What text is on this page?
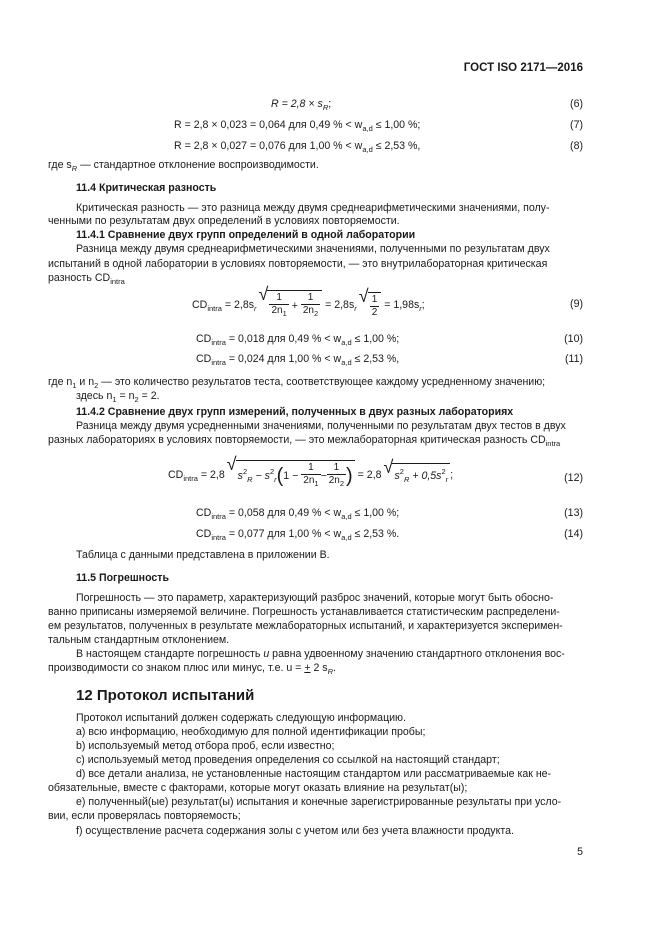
ГОСТ ISO 2171—2016
$R = 2,8 \times s_R$;	(6)
R = 2,8 × 0,023 = 0,064 для 0,49 % < $w_{a,d} \le 1,00$ %;	(7)
R = 2,8 × 0,027 = 0,076 для 1,00 % < $w_{a,d} \le 2,53$ %,	(8)
где $s_R$ — стандартное отклонение воспроизводимости.
11.4 Критическая разность
Критическая разность — это разница между двумя среднеарифметическими значениями, полу-
ченными по результатам двух определений в условиях повторяемости.
11.4.1 Сравнение двух групп определений в одной лаборатории
Разница между двумя среднеарифметическими значениями, полученными по результатам двух
испытаний в одной лаборатории в условиях повторяемости, — это внутрилабораторная критическая
разность $CD_{intra}$
$CD_{intra} = 2,8s_r$ √ $\frac{1}{2n_1} + \frac{1}{2n_2} = 2,8s_r$ √ $\frac{1}{2} = 1,98s_r$;	(9)
$CD_{intra} = 0,018$ для 0,49 % < $w_{a,d} \le 1,00$ %;	(10)
$CD_{intra} = 0,024$ для 1,00 % < $w_{a,d} \le 2,53$ %,	(11)
где $n_1$ и $n_2$ — это количество результатов теста, соответствующее каждому усредненному значению;
здесь $n_1 = n_2 = 2$.
11.4.2 Сравнение двух групп измерений, полученных в двух разных лабораториях
Разница между двумя усредненными значениями, полученными по результатам двух тестов в двух
разных лабораториях в условиях повторяемости, — это межлабораторная критическая разность $CD_{intra}$
$CD_{intra} = 2,8$ √ $s^2_R - s^2_r(1 - \frac{1}{2n_1} - \frac{1}{2n_2}$ ) = 2,8 √ $s^2_R + 0,5s^2_r$ ;	(12)
$CD_{intra} = 0,058$ для 0,49 % < $w_{a,d} \le 1,00$ %;	(13)
$CD_{intra} = 0,077$ для 1,00 % < $w_{a,d} \le 2,53$ %.	(14)
Таблица с данными представлена в приложении В.
11.5 Погрешность
Погрешность — это параметр, характеризующий разброс значений, которые могут быть обосно-
ванно приписаны измеряемой величине. Погрешность устанавливается статистическим распределени-
ем результатов, полученных в результате межлабораторных испытаний, и характеризуется эксперимен-
тальным стандартным отклонением.
В настоящем стандарте погрешность u равна удвоенному значению стандартного отклонения вос-
производимости со знаком плюс или минус, т.е. u = + 2 $s_R$.
12 Протокол испытаний
Протокол испытаний должен содержать следующую информацию.
a) всю информацию, необходимую для полной идентификации пробы;
b) используемый метод отбора проб, если известно;
c) используемый метод проведения определения со ссылкой на настоящий стандарт;
d) все детали анализа, не установленные настоящим стандартом или рассматриваемые как не-
обязательные, вместе с факторами, которые могут оказать влияние на результат(ы);
e) полученный(ые) результат(ы) испытания и конечные зарегистрированные результаты при усло-
вии, если проверялась повторяемость;
f) осуществление расчета содержания золы с учетом или без учета влажности продукта.
5
